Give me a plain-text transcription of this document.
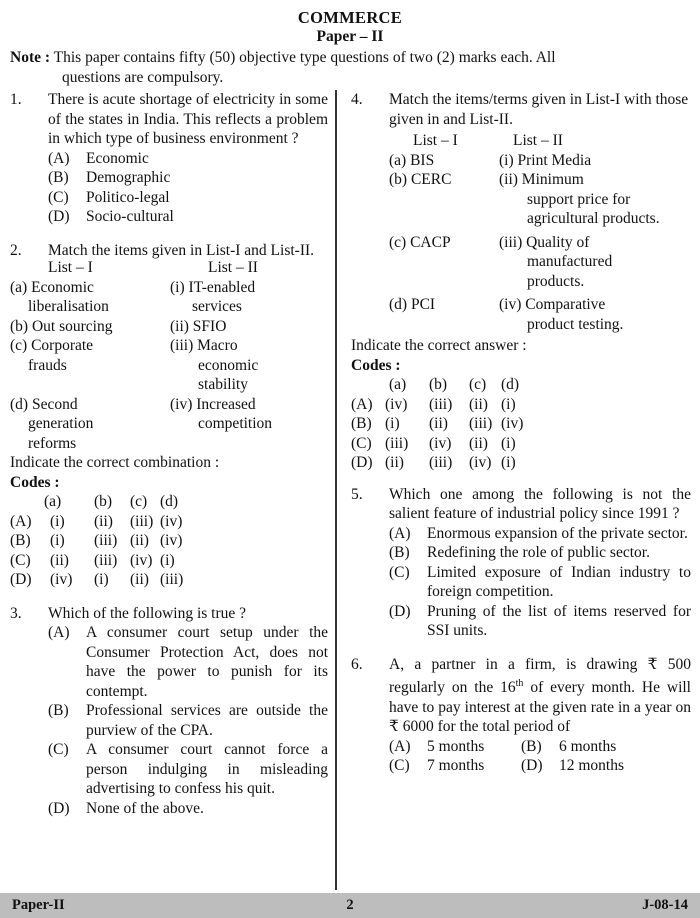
COMMERCE
Paper – II
Note : This paper contains fifty (50) objective type questions of two (2) marks each. All
questions are compulsory.
1. There is acute shortage of electricity in some of the states in India. This reflects a problem in which type of business environment ?
(A) Economic
(B) Demographic
(C) Politico-legal
(D) Socio-cultural
2. Match the items given in List-I and List-II.
List – I	List – II
(a) Economic
liberalisation
	(i) IT-enabled
services

(b) Out sourcing	(ii) SFIO
(c) Corporate
frauds
	(iii) Macro
economic stability

(d) Second
generation reforms
	(iv) Increased
competition
Indicate the correct combination :
Codes :
	(a)	(b)	(c)	(d)
(A)	(i)	(ii)	(iii)	(iv)
(B)	(i)	(iii)	(ii)	(iv)
(C)	(ii)	(iii)	(iv)	(i)
(D)	(iv)	(i)	(ii)	(iii)
3. Which of the following is true ?
(A) A consumer court setup under the Consumer Protection Act, does not have the power to punish for its contempt.
(B) Professional services are outside the purview of the CPA.
(C) A consumer court cannot force a person indulging in misleading advertising to confess his quit.
(D) None of the above.
4. Match the items/terms given in List-I with those given in and List-II.
List – I	List – II
(a) BIS	(i) Print Media
(b) CERC	(ii) Minimum
support price for agricultural products.

(c) CACP	(iii) Quality of
manufactured products.

(d) PCI	(iv) Comparative
product testing.
Indicate the correct answer :
Codes :
	(a)	(b)	(c)	(d)
(A)	(iv)	(iii)	(ii)	(i)
(B)	(i)	(ii)	(iii)	(iv)
(C)	(iii)	(iv)	(ii)	(i)
(D)	(ii)	(iii)	(iv)	(i)
5. Which one among the following is not the salient feature of industrial policy since 1991 ?
(A) Enormous expansion of the private sector.
(B) Redefining the role of public sector.
(C) Limited exposure of Indian industry to foreign competition.
(D) Pruning of the list of items reserved for SSI units.
6. A, a partner in a firm, is drawing ₹ 500 regularly on the 16th of every month. He will have to pay interest at the given rate in a year on ₹ 6000 for the total period of
(A) 5 months	(B) 6 months

(C) 7 months	(D) 12 months
2
Paper-II	J-08-14
